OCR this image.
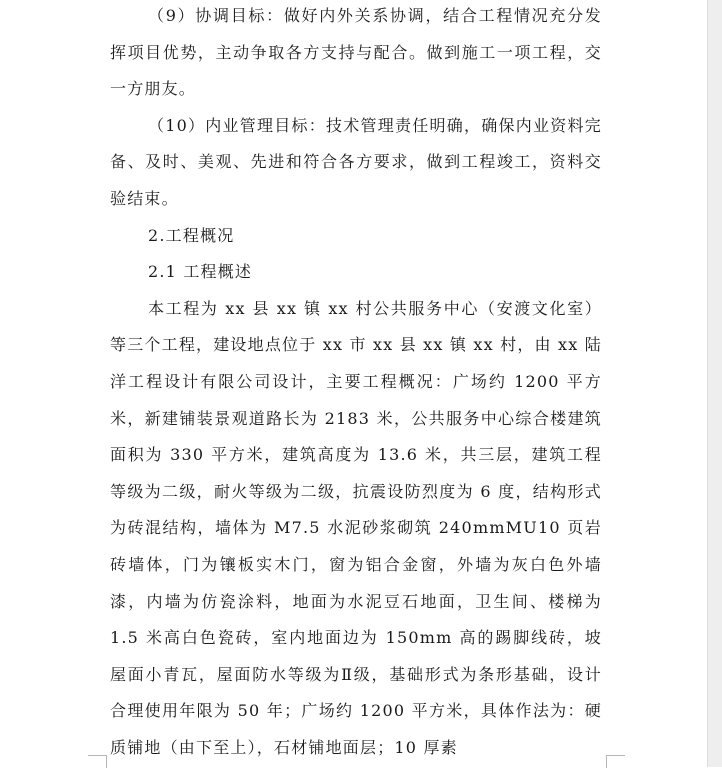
（9）协调目标：做好内外关系协调，结合工程情况充分发挥项目优势，主动争取各方支持与配合。做到施工一项工程，交一方朋友。

（10）内业管理目标：技术管理责任明确，确保内业资料完备、及时、美观、先进和符合各方要求，做到工程竣工，资料交验结束。

2.工程概况

2.1 工程概述

本工程为 xx 县 xx 镇 xx 村公共服务中心（安渡文化室）等三个工程，建设地点位于 xx 市 xx 县 xx 镇 xx 村，由 xx 陆洋工程设计有限公司设计，主要工程概况：广场约 1200 平方米，新建铺装景观道路长为 2183 米，公共服务中心综合楼建筑面积为 330 平方米，建筑高度为 13.6 米，共三层，建筑工程等级为二级，耐火等级为二级，抗震设防烈度为 6 度，结构形式为砖混结构，墙体为 M7.5 水泥砂浆砌筑 240mmMU10 页岩砖墙体，门为镶板实木门，窗为铝合金窗，外墙为灰白色外墙漆，内墙为仿瓷涂料，地面为水泥豆石地面，卫生间、楼梯为 1.5 米高白色瓷砖，室内地面边为 150mm 高的踢脚线砖，坡屋面小青瓦，屋面防水等级为Ⅱ级，基础形式为条形基础，设计合理使用年限为 50 年；广场约 1200 平方米，具体作法为：硬质铺地（由下至上），石材铺地面层；10 厚素
